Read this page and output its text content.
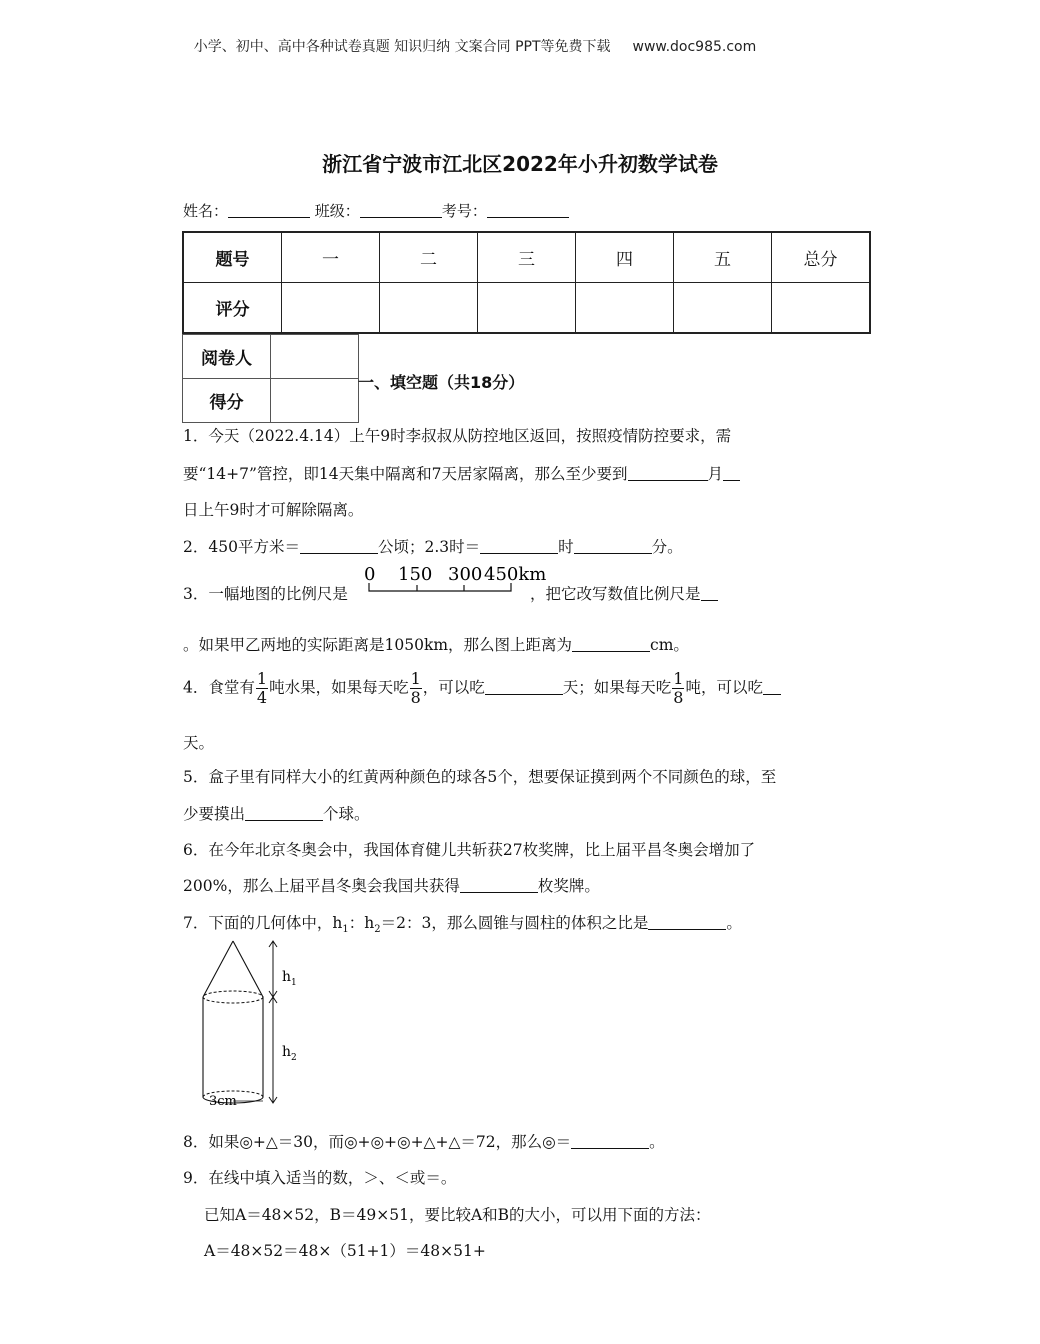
小学、初中、高中各种试卷真题 知识归纳 文案合同 PPT等免费下载 www.doc985.com
浙江省宁波市江北区2022年小升初数学试卷
姓名：	班级：	考号：
题号	一	二	三	四	五	总分
评分						
阅卷人	
得分	
一、填空题（共18分）
1．今天（2022.4.14）上午9时李叔叔从防控地区返回，按照疫情防控要求，需
要“14+7”管控，即14天集中隔离和7天居家隔离，那么至少要到	月
日上午9时才可解除隔离。
2．450平方米＝	公顷；2.3时＝	时	分。
3．一幅地图的比例尺是
0 150 300 450km
，把它改写数值比例尺是
。如果甲乙两地的实际距离是1050km，那么图上距离为	cm。
4．食堂有 $\frac{1}{4}$ 吨水果，如果每天吃 $\frac{1}{8}$ ，可以吃	天；如果每天吃 $\frac{1}{8}$ 吨，可以吃
天。
5．盒子里有同样大小的红黄两种颜色的球各5个，想要保证摸到两个不同颜色的球，至
少要摸出	个球。
6．在今年北京冬奥会中，我国体育健儿共斩获27枚奖牌，比上届平昌冬奥会增加了
200%，那么上届平昌冬奥会我国共获得	枚奖牌。
7．下面的几何体中，$h_1$：$h_2=2$：3，那么圆锥与圆柱的体积之比是	。
$h_1$
$h_2$
3cm
8．如果◎+△＝30，而◎+◎+◎+△+△＝72，那么◎＝	。
9．在线中填入适当的数，＞、＜或＝。
已知A＝48×52，B＝49×51，要比较A和B的大小，可以用下面的方法：
A＝48×52＝48×（51+1）＝48×51+
